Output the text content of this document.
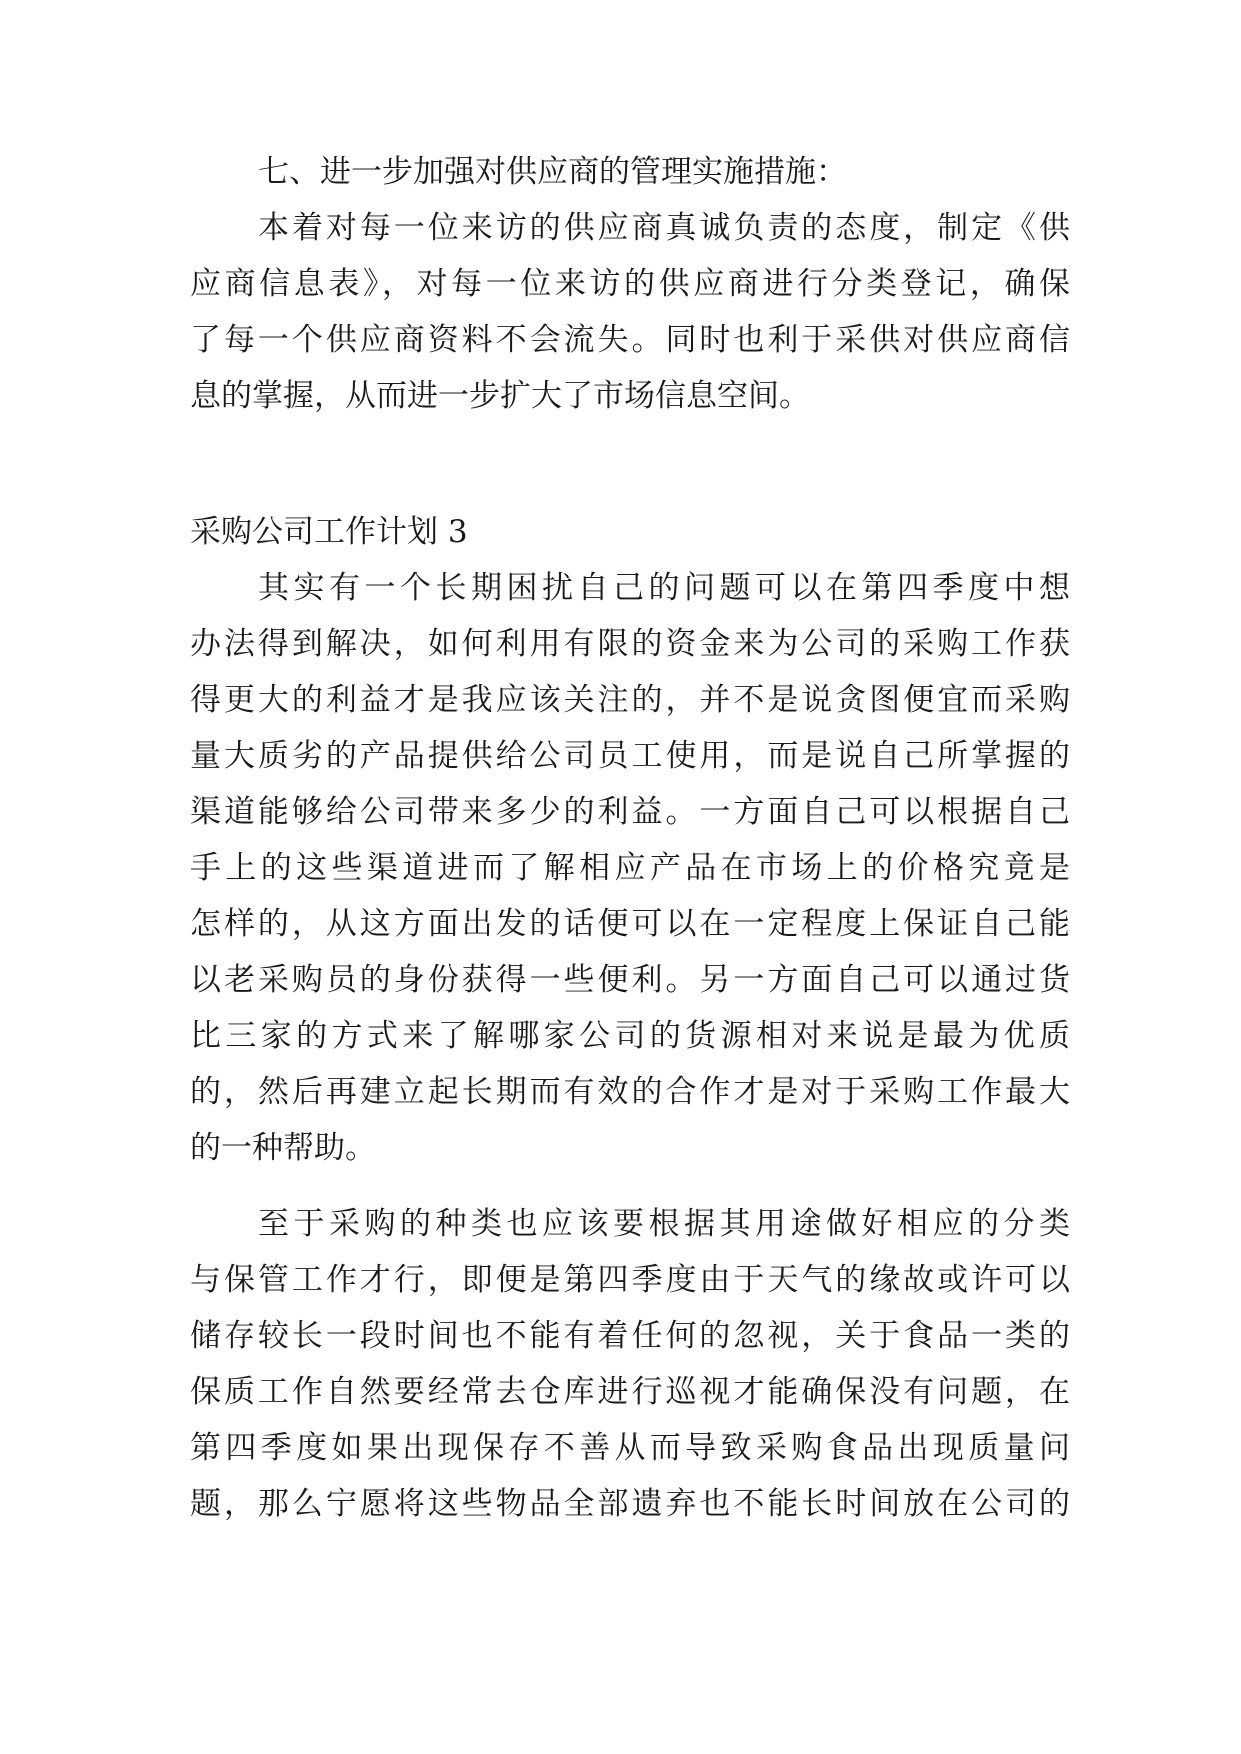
七、进一步加强对供应商的管理实施措施：
本着对每一位来访的供应商真诚负责的态度，制定《供
应商信息表》，对每一位来访的供应商进行分类登记，确保
了每一个供应商资料不会流失。同时也利于采供对供应商信
息的掌握，从而进一步扩大了市场信息空间。
采购公司工作计划 3
其实有一个长期困扰自己的问题可以在第四季度中想
办法得到解决，如何利用有限的资金来为公司的采购工作获
得更大的利益才是我应该关注的，并不是说贪图便宜而采购
量大质劣的产品提供给公司员工使用，而是说自己所掌握的
渠道能够给公司带来多少的利益。一方面自己可以根据自己
手上的这些渠道进而了解相应产品在市场上的价格究竟是
怎样的，从这方面出发的话便可以在一定程度上保证自己能
以老采购员的身份获得一些便利。另一方面自己可以通过货
比三家的方式来了解哪家公司的货源相对来说是最为优质
的，然后再建立起长期而有效的合作才是对于采购工作最大
的一种帮助。
至于采购的种类也应该要根据其用途做好相应的分类
与保管工作才行，即便是第四季度由于天气的缘故或许可以
储存较长一段时间也不能有着任何的忽视，关于食品一类的
保质工作自然要经常去仓库进行巡视才能确保没有问题，在
第四季度如果出现保存不善从而导致采购食品出现质量问
题，那么宁愿将这些物品全部遗弃也不能长时间放在公司的
